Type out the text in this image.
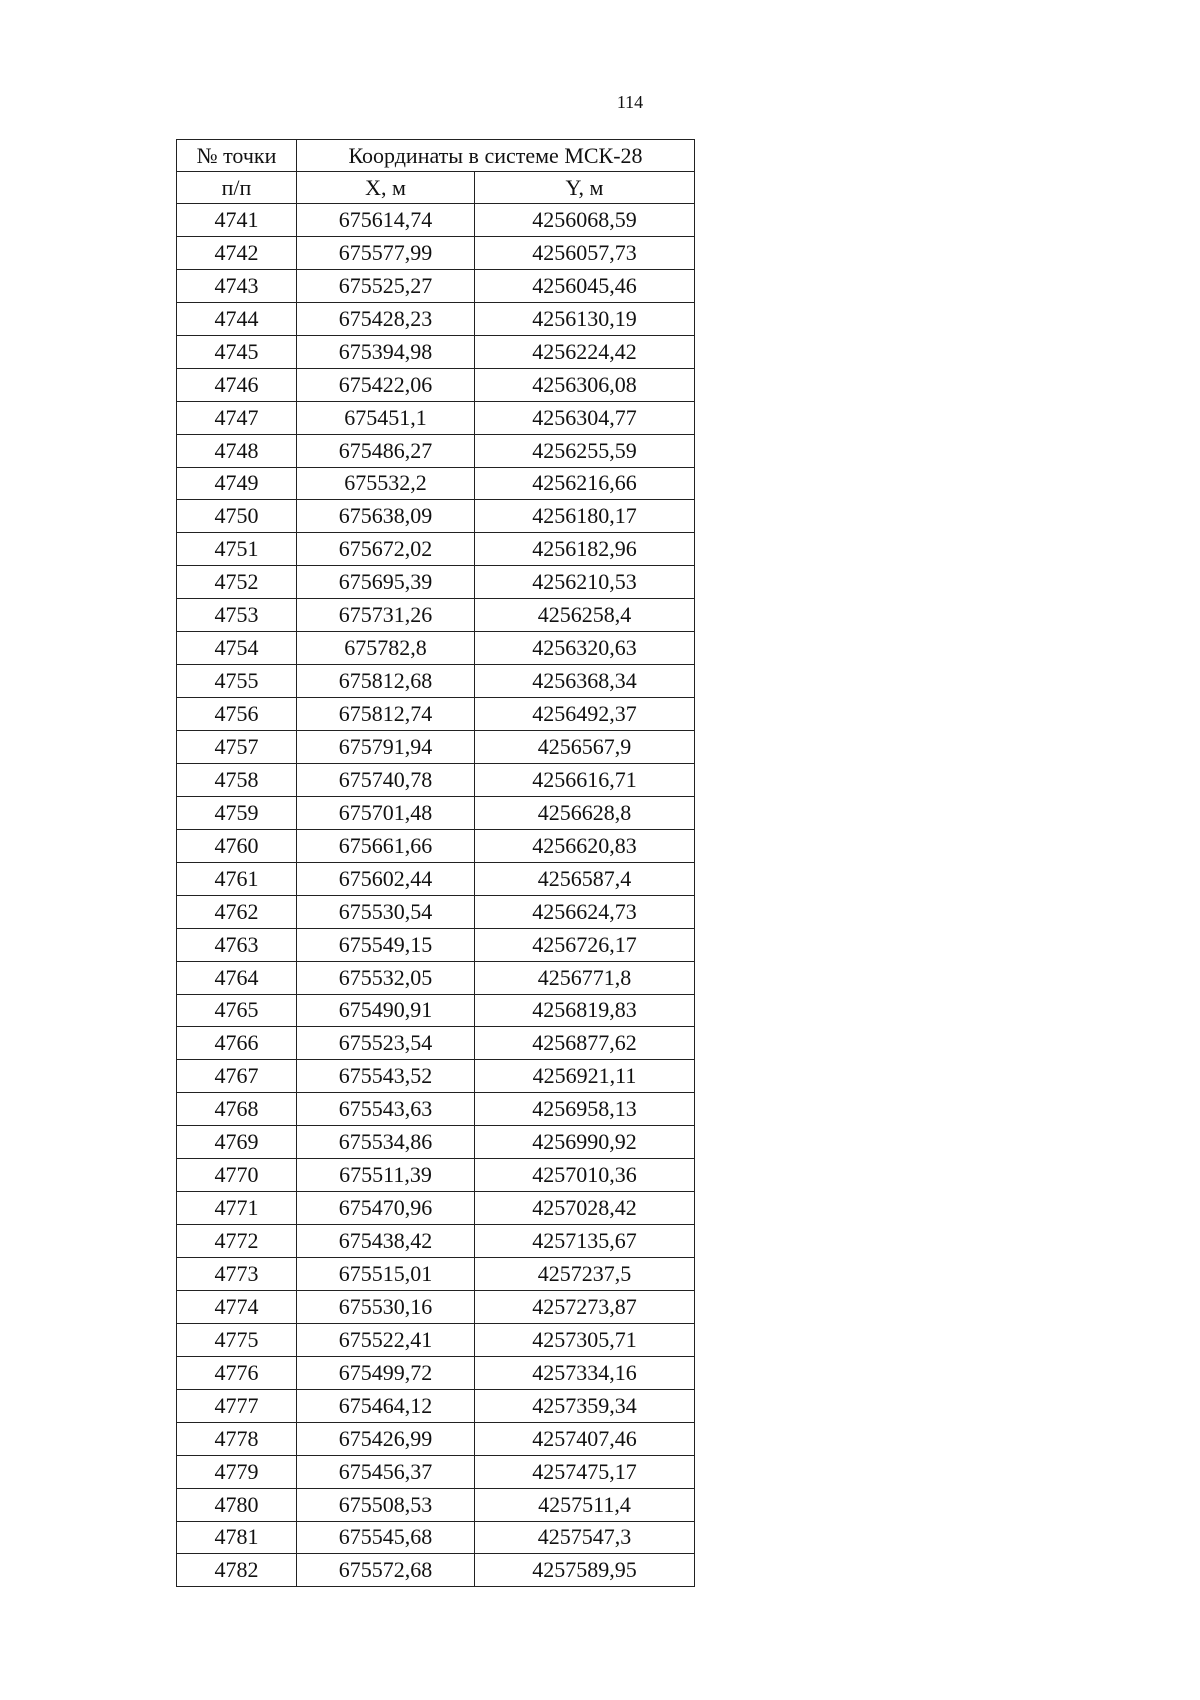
114
№ точки	Координаты в системе МСК-28	
п/п	X, м	Y, м
4741	675614,74	4256068,59
4742	675577,99	4256057,73
4743	675525,27	4256045,46
4744	675428,23	4256130,19
4745	675394,98	4256224,42
4746	675422,06	4256306,08
4747	675451,1	4256304,77
4748	675486,27	4256255,59
4749	675532,2	4256216,66
4750	675638,09	4256180,17
4751	675672,02	4256182,96
4752	675695,39	4256210,53
4753	675731,26	4256258,4
4754	675782,8	4256320,63
4755	675812,68	4256368,34
4756	675812,74	4256492,37
4757	675791,94	4256567,9
4758	675740,78	4256616,71
4759	675701,48	4256628,8
4760	675661,66	4256620,83
4761	675602,44	4256587,4
4762	675530,54	4256624,73
4763	675549,15	4256726,17
4764	675532,05	4256771,8
4765	675490,91	4256819,83
4766	675523,54	4256877,62
4767	675543,52	4256921,11
4768	675543,63	4256958,13
4769	675534,86	4256990,92
4770	675511,39	4257010,36
4771	675470,96	4257028,42
4772	675438,42	4257135,67
4773	675515,01	4257237,5
4774	675530,16	4257273,87
4775	675522,41	4257305,71
4776	675499,72	4257334,16
4777	675464,12	4257359,34
4778	675426,99	4257407,46
4779	675456,37	4257475,17
4780	675508,53	4257511,4
4781	675545,68	4257547,3
4782	675572,68	4257589,95
